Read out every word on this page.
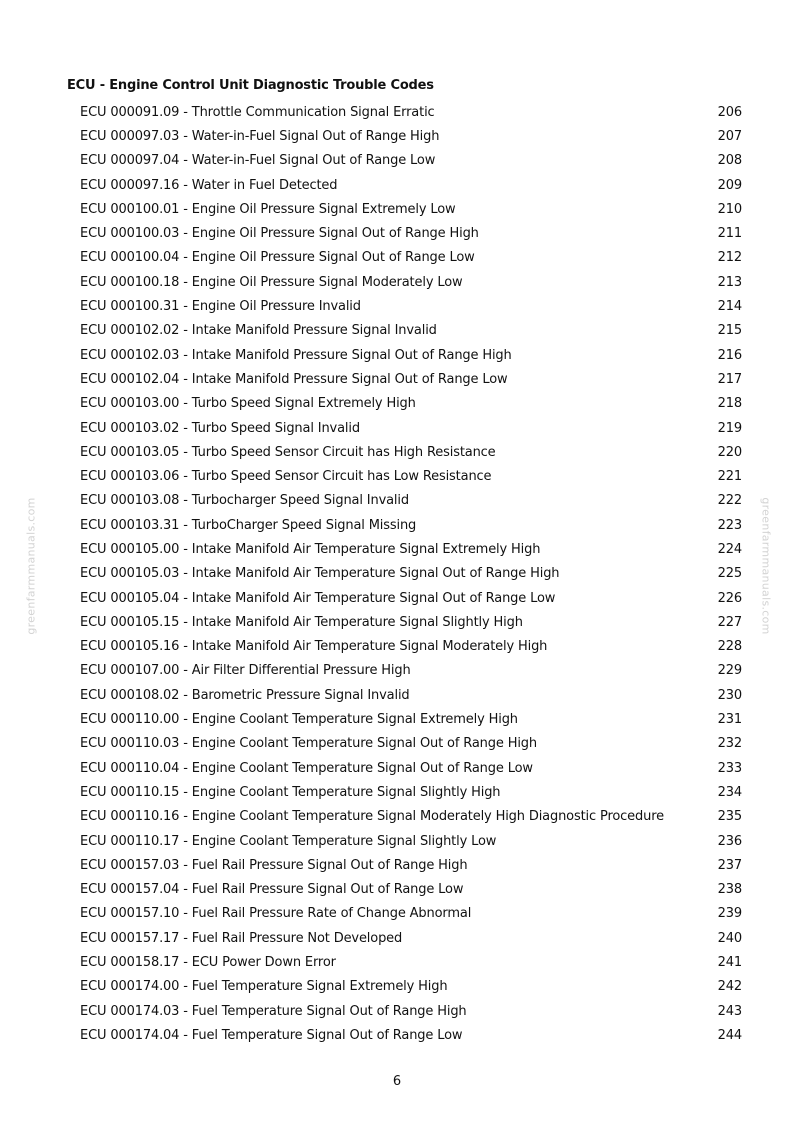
ECU - Engine Control Unit Diagnostic Trouble Codes
ECU 000091.09 - Throttle Communication Signal Erratic	206
ECU 000097.03 - Water-in-Fuel Signal Out of Range High	207
ECU 000097.04 - Water-in-Fuel Signal Out of Range Low	208
ECU 000097.16 - Water in Fuel Detected	209
ECU 000100.01 - Engine Oil Pressure Signal Extremely Low	210
ECU 000100.03 - Engine Oil Pressure Signal Out of Range High	211
ECU 000100.04 - Engine Oil Pressure Signal Out of Range Low	212
ECU 000100.18 - Engine Oil Pressure Signal Moderately Low	213
ECU 000100.31 - Engine Oil Pressure Invalid	214
ECU 000102.02 - Intake Manifold Pressure Signal Invalid	215
ECU 000102.03 - Intake Manifold Pressure Signal Out of Range High	216
ECU 000102.04 - Intake Manifold Pressure Signal Out of Range Low	217
ECU 000103.00 - Turbo Speed Signal Extremely High	218
ECU 000103.02 - Turbo Speed Signal Invalid	219
ECU 000103.05 - Turbo Speed Sensor Circuit has High Resistance	220
ECU 000103.06 - Turbo Speed Sensor Circuit has Low Resistance	221
ECU 000103.08 - Turbocharger Speed Signal Invalid	222
ECU 000103.31 - TurboCharger Speed Signal Missing	223
ECU 000105.00 - Intake Manifold Air Temperature Signal Extremely High	224
ECU 000105.03 - Intake Manifold Air Temperature Signal Out of Range High	225
ECU 000105.04 - Intake Manifold Air Temperature Signal Out of Range Low	226
ECU 000105.15 - Intake Manifold Air Temperature Signal Slightly High	227
ECU 000105.16 - Intake Manifold Air Temperature Signal Moderately High	228
ECU 000107.00 - Air Filter Differential Pressure High	229
ECU 000108.02 - Barometric Pressure Signal Invalid	230
ECU 000110.00 - Engine Coolant Temperature Signal Extremely High	231
ECU 000110.03 - Engine Coolant Temperature Signal Out of Range High	232
ECU 000110.04 - Engine Coolant Temperature Signal Out of Range Low	233
ECU 000110.15 - Engine Coolant Temperature Signal Slightly High	234
ECU 000110.16 - Engine Coolant Temperature Signal Moderately High Diagnostic Procedure	235
ECU 000110.17 - Engine Coolant Temperature Signal Slightly Low	236
ECU 000157.03 - Fuel Rail Pressure Signal Out of Range High	237
ECU 000157.04 - Fuel Rail Pressure Signal Out of Range Low	238
ECU 000157.10 - Fuel Rail Pressure Rate of Change Abnormal	239
ECU 000157.17 - Fuel Rail Pressure Not Developed	240
ECU 000158.17 - ECU Power Down Error	241
ECU 000174.00 - Fuel Temperature Signal Extremely High	242
ECU 000174.03 - Fuel Temperature Signal Out of Range High	243
ECU 000174.04 - Fuel Temperature Signal Out of Range Low	244
greenfarmmanuals.com	greenfarmmanuals.com
6
